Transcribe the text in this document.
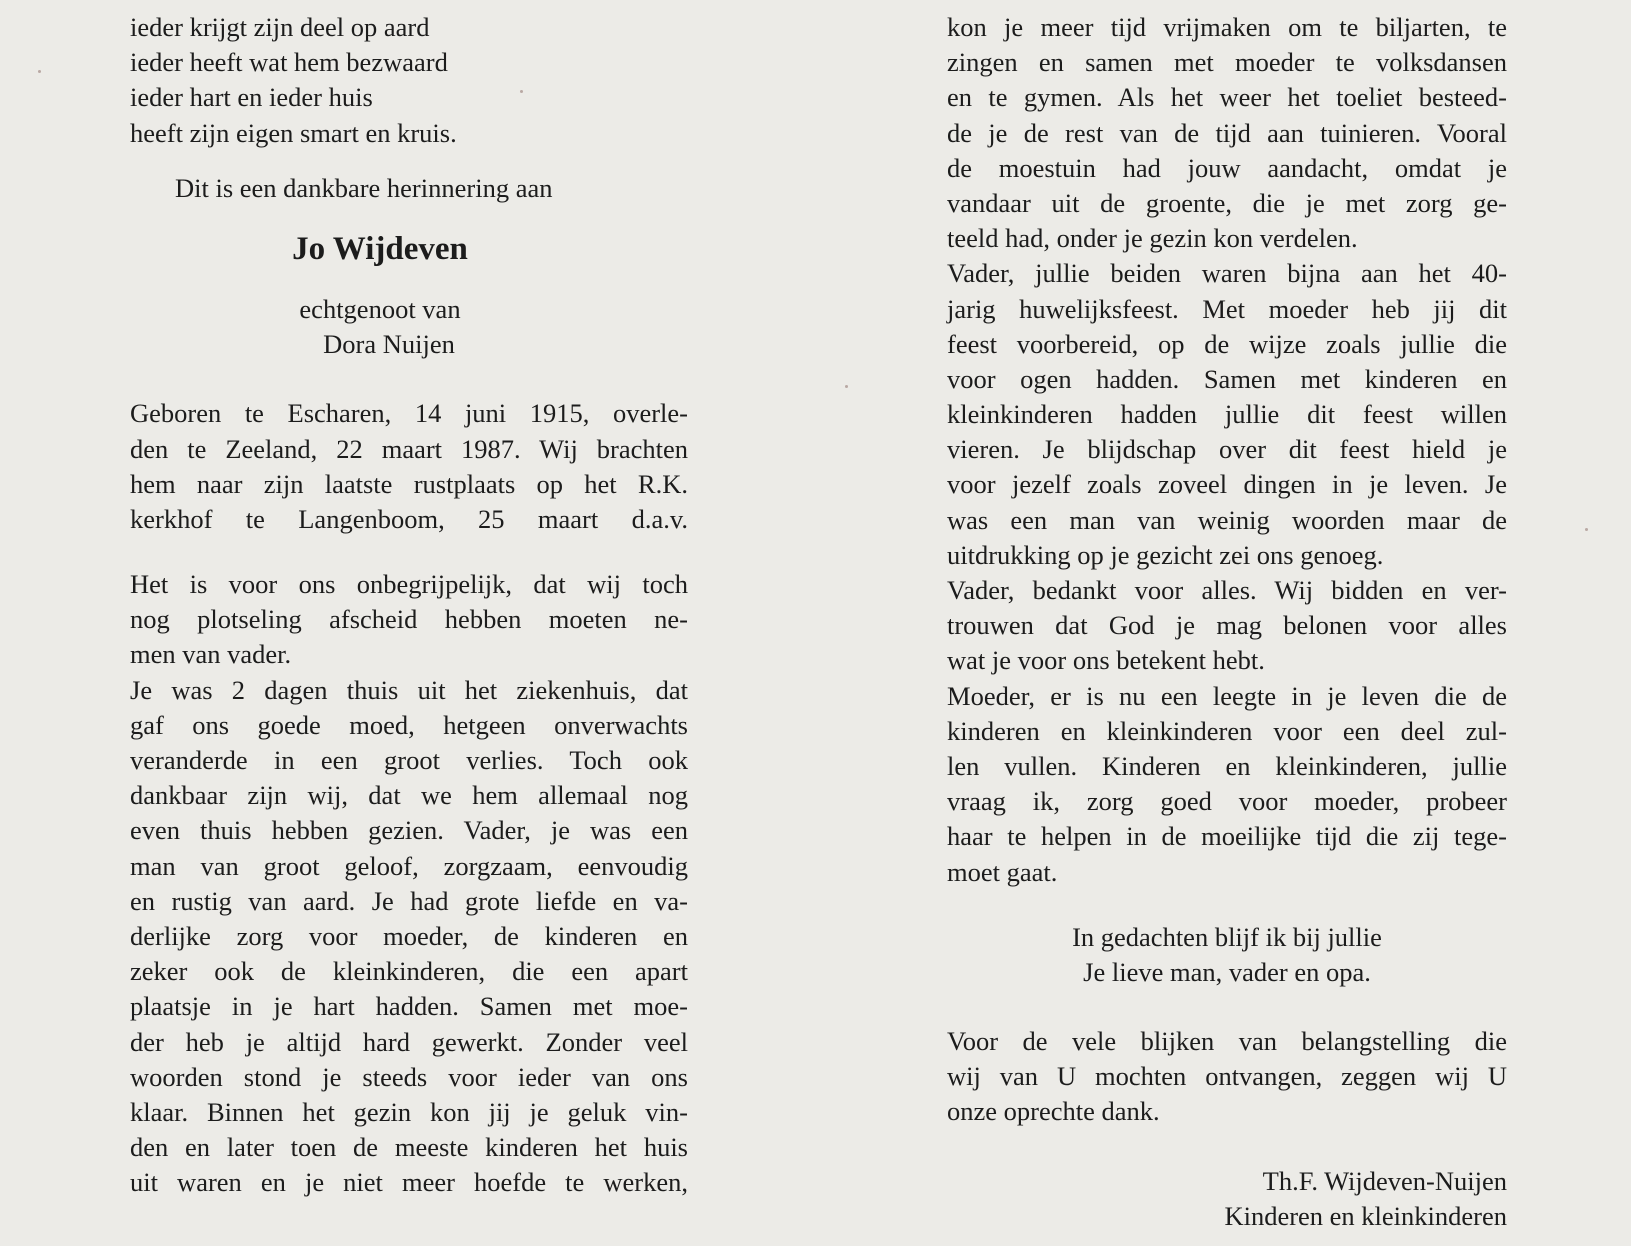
ieder krijgt zijn deel op aard
ieder heeft wat hem bezwaard
ieder hart en ieder huis
heeft zijn eigen smart en kruis.
Dit is een dankbare herinnering aan
Jo Wijdeven
echtgenoot van
Dora Nuijen
Geboren te Escharen, 14 juni 1915, overle-
den te Zeeland, 22 maart 1987. Wij brachten
hem naar zijn laatste rustplaats op het R.K.
kerkhof te Langenboom, 25 maart d.a.v.
Het is voor ons onbegrijpelijk, dat wij toch
nog plotseling afscheid hebben moeten ne-
men van vader.
Je was 2 dagen thuis uit het ziekenhuis, dat
gaf ons goede moed, hetgeen onverwachts
veranderde in een groot verlies. Toch ook
dankbaar zijn wij, dat we hem allemaal nog
even thuis hebben gezien. Vader, je was een
man van groot geloof, zorgzaam, eenvoudig
en rustig van aard. Je had grote liefde en va-
derlijke zorg voor moeder, de kinderen en
zeker ook de kleinkinderen, die een apart
plaatsje in je hart hadden. Samen met moe-
der heb je altijd hard gewerkt. Zonder veel
woorden stond je steeds voor ieder van ons
klaar. Binnen het gezin kon jij je geluk vin-
den en later toen de meeste kinderen het huis
uit waren en je niet meer hoefde te werken,
kon je meer tijd vrijmaken om te biljarten, te
zingen en samen met moeder te volksdansen
en te gymen. Als het weer het toeliet besteed-
de je de rest van de tijd aan tuinieren. Vooral
de moestuin had jouw aandacht, omdat je
vandaar uit de groente, die je met zorg ge-
teeld had, onder je gezin kon verdelen.
Vader, jullie beiden waren bijna aan het 40-
jarig huwelijksfeest. Met moeder heb jij dit
feest voorbereid, op de wijze zoals jullie die
voor ogen hadden. Samen met kinderen en
kleinkinderen hadden jullie dit feest willen
vieren. Je blijdschap over dit feest hield je
voor jezelf zoals zoveel dingen in je leven. Je
was een man van weinig woorden maar de
uitdrukking op je gezicht zei ons genoeg.
Vader, bedankt voor alles. Wij bidden en ver-
trouwen dat God je mag belonen voor alles
wat je voor ons betekent hebt.
Moeder, er is nu een leegte in je leven die de
kinderen en kleinkinderen voor een deel zul-
len vullen. Kinderen en kleinkinderen, jullie
vraag ik, zorg goed voor moeder, probeer
haar te helpen in de moeilijke tijd die zij tege-
moet gaat.
In gedachten blijf ik bij jullie
Je lieve man, vader en opa.
Voor de vele blijken van belangstelling die
wij van U mochten ontvangen, zeggen wij U
onze oprechte dank.
Th.F. Wijdeven-Nuijen
Kinderen en kleinkinderen
